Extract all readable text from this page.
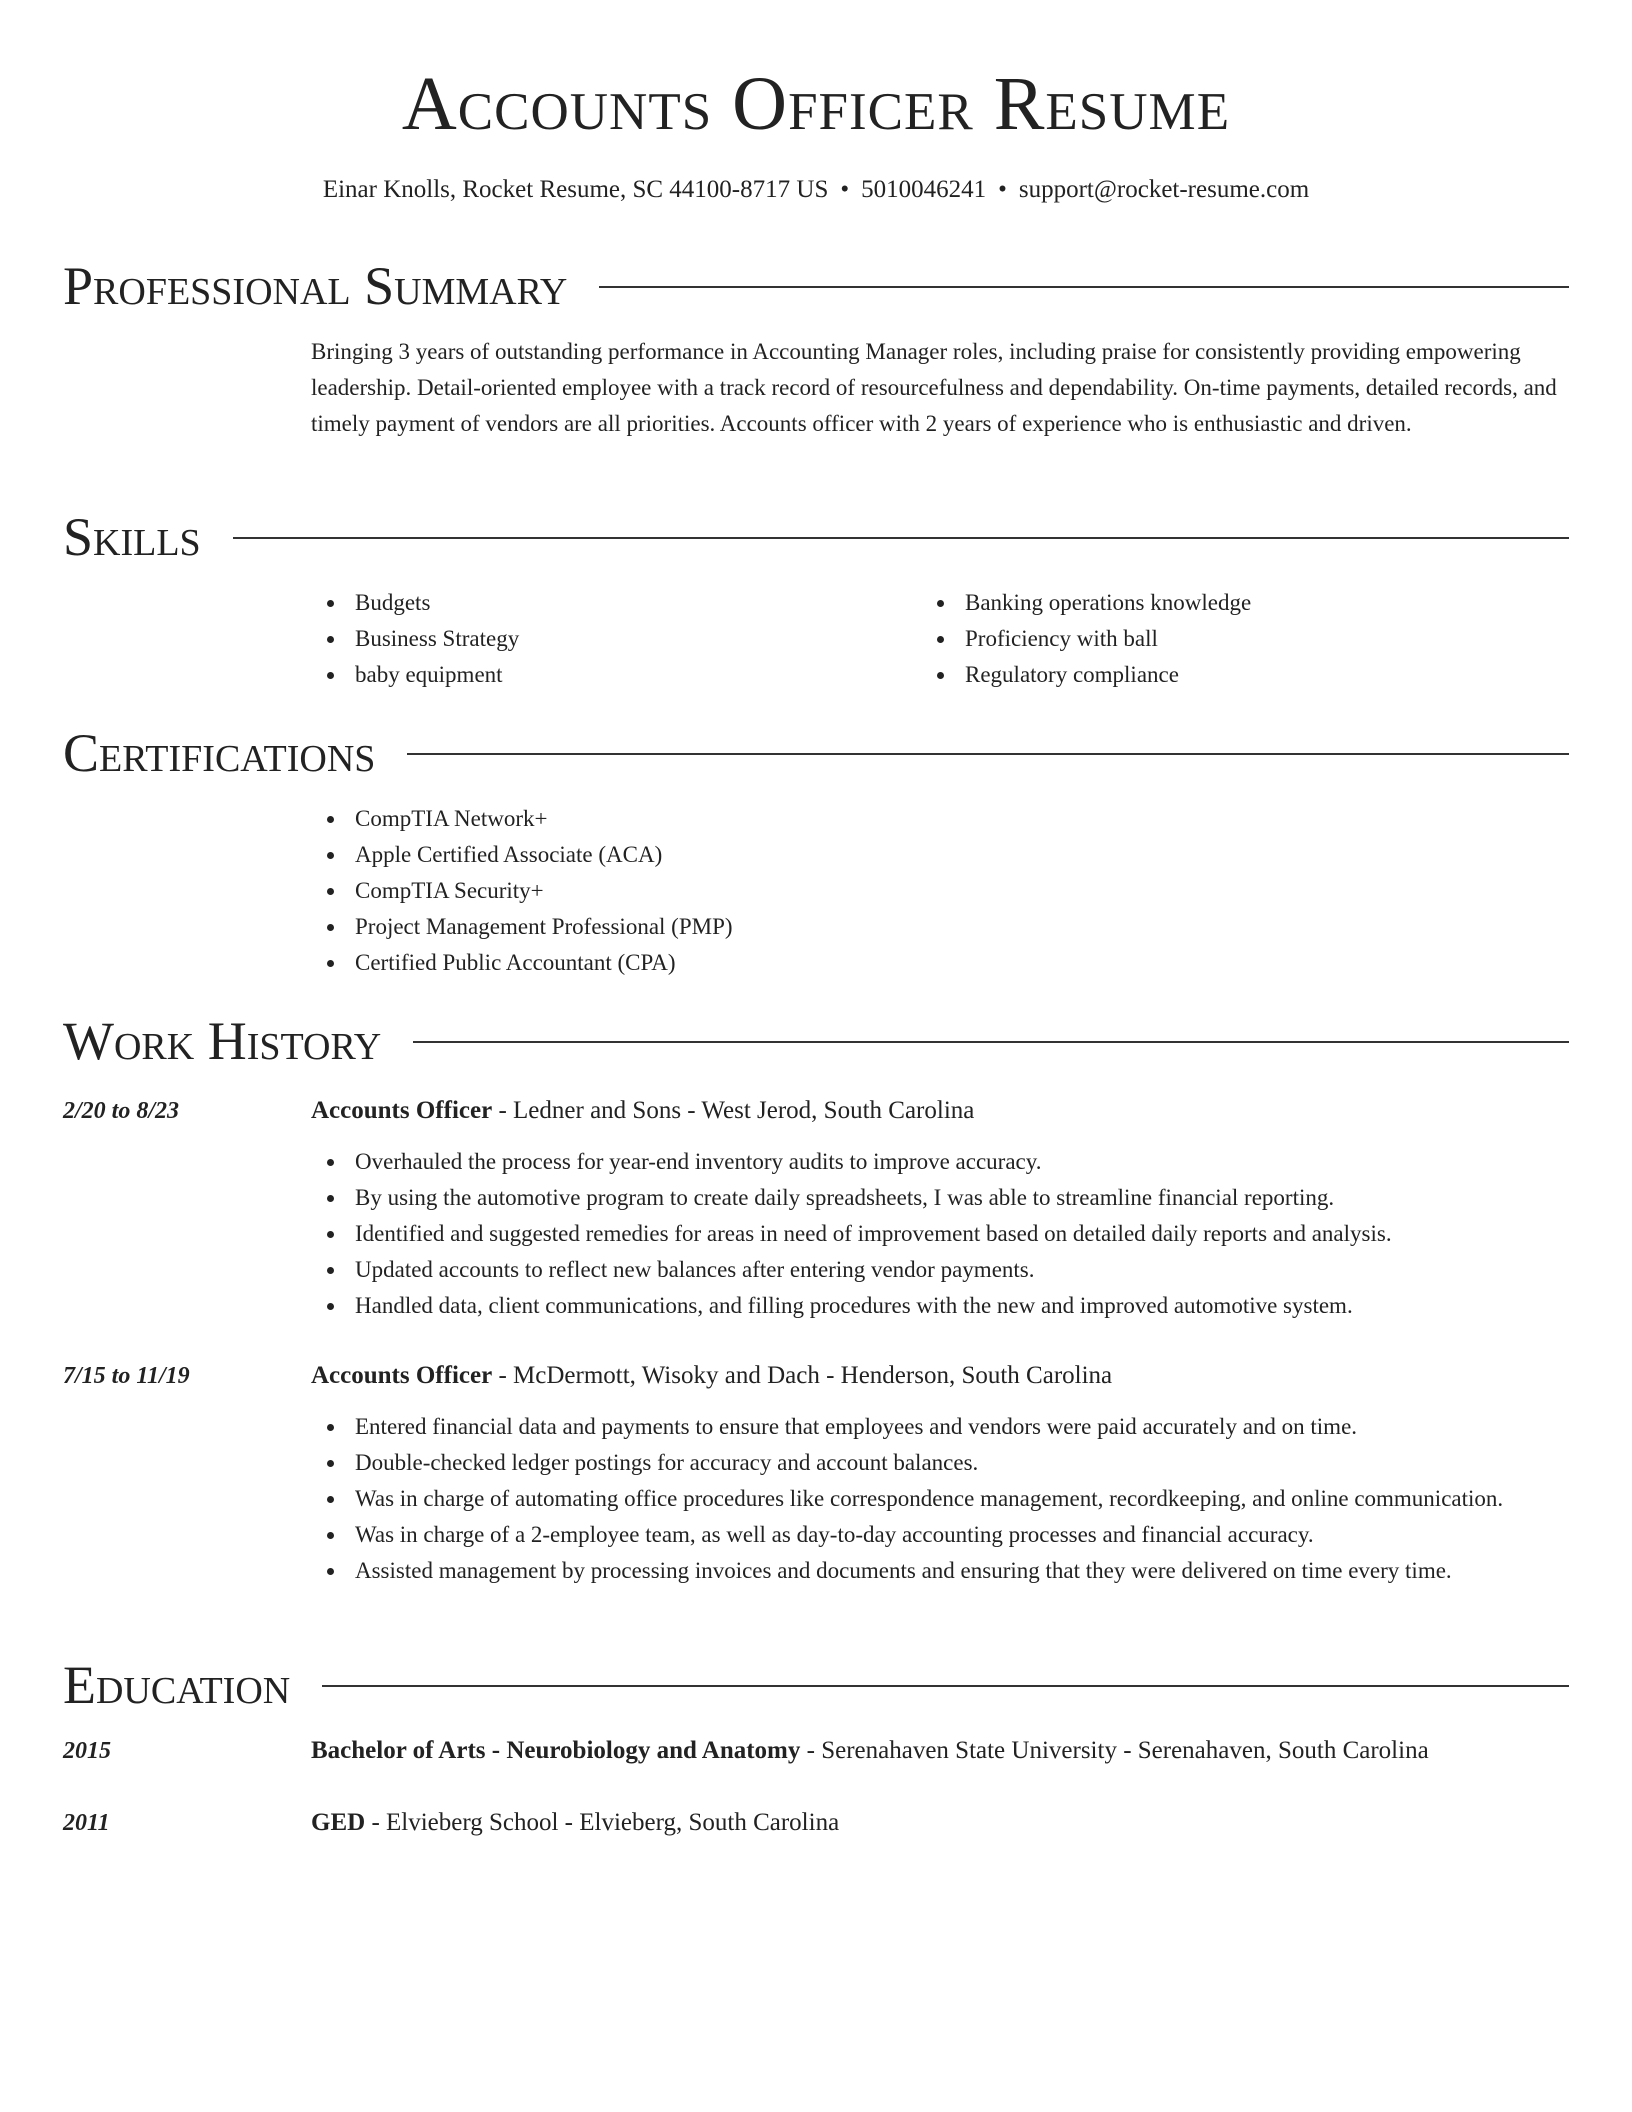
Accounts Officer Resume
Einar Knolls, Rocket Resume, SC 44100-8717 US • 5010046241 • support@rocket-resume.com
Professional Summary
Bringing 3 years of outstanding performance in Accounting Manager roles, including praise for consistently providing empowering leadership. Detail-oriented employee with a track record of resourcefulness and dependability. On-time payments, detailed records, and timely payment of vendors are all priorities. Accounts officer with 2 years of experience who is enthusiastic and driven.
Skills
Budgets
Business Strategy
baby equipment
Banking operations knowledge
Proficiency with ball
Regulatory compliance
Certifications
CompTIA Network+
Apple Certified Associate (ACA)
CompTIA Security+
Project Management Professional (PMP)
Certified Public Accountant (CPA)
Work History
2/20 to 8/23	Accounts Officer - Ledner and Sons - West Jerod, South Carolina
Overhauled the process for year-end inventory audits to improve accuracy.
By using the automotive program to create daily spreadsheets, I was able to streamline financial reporting.
Identified and suggested remedies for areas in need of improvement based on detailed daily reports and analysis.
Updated accounts to reflect new balances after entering vendor payments.
Handled data, client communications, and filling procedures with the new and improved automotive system.
7/15 to 11/19	Accounts Officer - McDermott, Wisoky and Dach - Henderson, South Carolina
Entered financial data and payments to ensure that employees and vendors were paid accurately and on time.
Double-checked ledger postings for accuracy and account balances.
Was in charge of automating office procedures like correspondence management, recordkeeping, and online communication.
Was in charge of a 2-employee team, as well as day-to-day accounting processes and financial accuracy.
Assisted management by processing invoices and documents and ensuring that they were delivered on time every time.
Education
2015	Bachelor of Arts - Neurobiology and Anatomy - Serenahaven State University - Serenahaven, South Carolina
2011	GED - Elvieberg School - Elvieberg, South Carolina
